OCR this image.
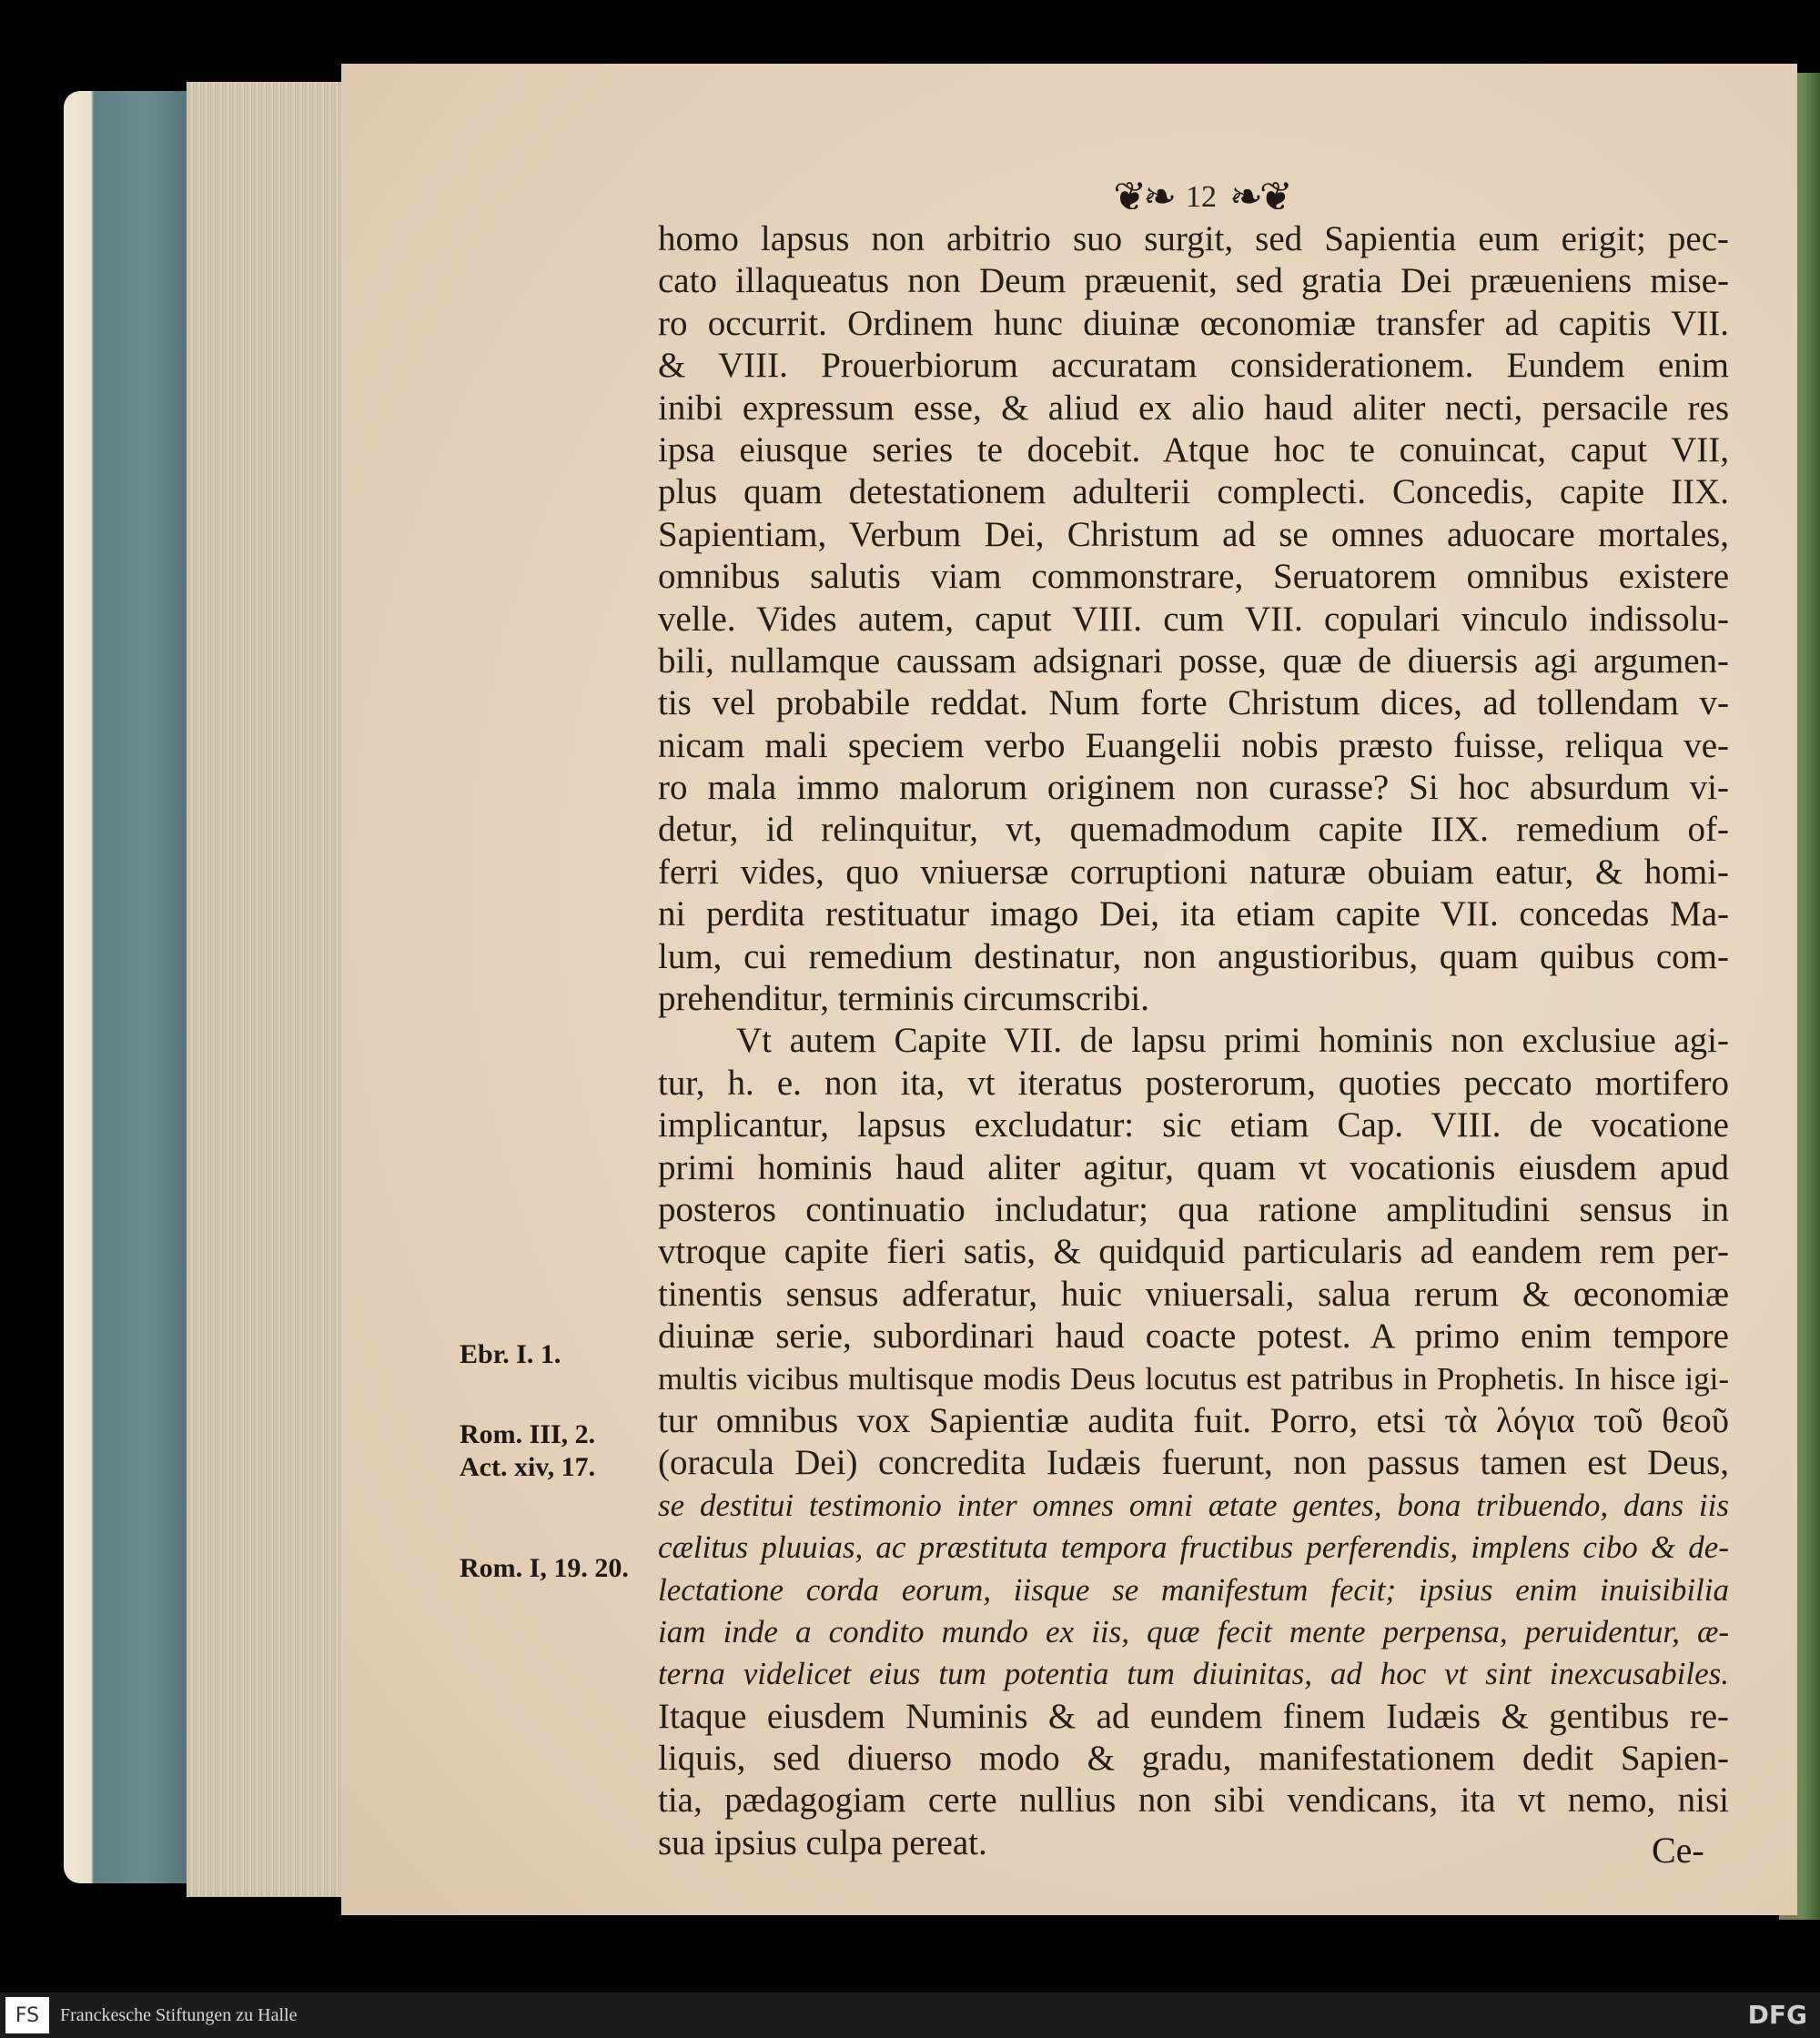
❦❧ 12 ❧❦
homo lapsus non arbitrio suo surgit, sed Sapientia eum erigit; pec-
cato illaqueatus non Deum præuenit, sed gratia Dei præueniens mise-
ro occurrit. Ordinem hunc diuinæ œconomiæ transfer ad capitis VII.
& VIII. Prouerbiorum accuratam considerationem. Eundem enim
inibi expressum esse, & aliud ex alio haud aliter necti, persacile res
ipsa eiusque series te docebit. Atque hoc te conuincat, caput VII,
plus quam detestationem adulterii complecti. Concedis, capite IIX.
Sapientiam, Verbum Dei, Christum ad se omnes aduocare mortales,
omnibus salutis viam commonstrare, Seruatorem omnibus existere
velle. Vides autem, caput VIII. cum VII. copulari vinculo indissolu-
bili, nullamque caussam adsignari posse, quæ de diuersis agi argumen-
tis vel probabile reddat. Num forte Christum dices, ad tollendam v-
nicam mali speciem verbo Euangelii nobis præsto fuisse, reliqua ve-
ro mala immo malorum originem non curasse? Si hoc absurdum vi-
detur, id relinquitur, vt, quemadmodum capite IIX. remedium of-
ferri vides, quo vniuersæ corruptioni naturæ obuiam eatur, & homi-
ni perdita restituatur imago Dei, ita etiam capite VII. concedas Ma-
lum, cui remedium destinatur, non angustioribus, quam quibus com-
prehenditur, terminis circumscribi.
Vt autem Capite VII. de lapsu primi hominis non exclusiue agi-
tur, h. e. non ita, vt iteratus posterorum, quoties peccato mortifero
implicantur, lapsus excludatur: sic etiam Cap. VIII. de vocatione
primi hominis haud aliter agitur, quam vt vocationis eiusdem apud
posteros continuatio includatur; qua ratione amplitudini sensus in
vtroque capite fieri satis, & quidquid particularis ad eandem rem per-
tinentis sensus adferatur, huic vniuersali, salua rerum & œconomiæ
diuinæ serie, subordinari haud coacte potest. A primo enim tempore
multis vicibus multisque modis Deus locutus est patribus in Prophetis. In hisce igi-
tur omnibus vox Sapientiæ audita fuit. Porro, etsi τὰ λόγια τοῦ θεοῦ
(oracula Dei) concredita Iudæis fuerunt, non passus tamen est Deus,
se destitui testimonio inter omnes omni ætate gentes, bona tribuendo, dans iis
cælitus pluuias, ac præstituta tempora fructibus perferendis, implens cibo & de-
lectatione corda eorum, iisque se manifestum fecit; ipsius enim inuisibilia
iam inde a condito mundo ex iis, quæ fecit mente perpensa, peruidentur, æ-
terna videlicet eius tum potentia tum diuinitas, ad hoc vt sint inexcusabiles.
Itaque eiusdem Numinis & ad eundem finem Iudæis & gentibus re-
liquis, sed diuerso modo & gradu, manifestationem dedit Sapien-
tia, pædagogiam certe nullius non sibi vendicans, ita vt nemo, nisi
sua ipsius culpa pereat.
Ebr. I. 1.
Rom. III, 2.
Act. xiv, 17.
Rom. I, 19. 20.
Ce-
FS	Franckesche Stiftungen zu Halle	DFG
